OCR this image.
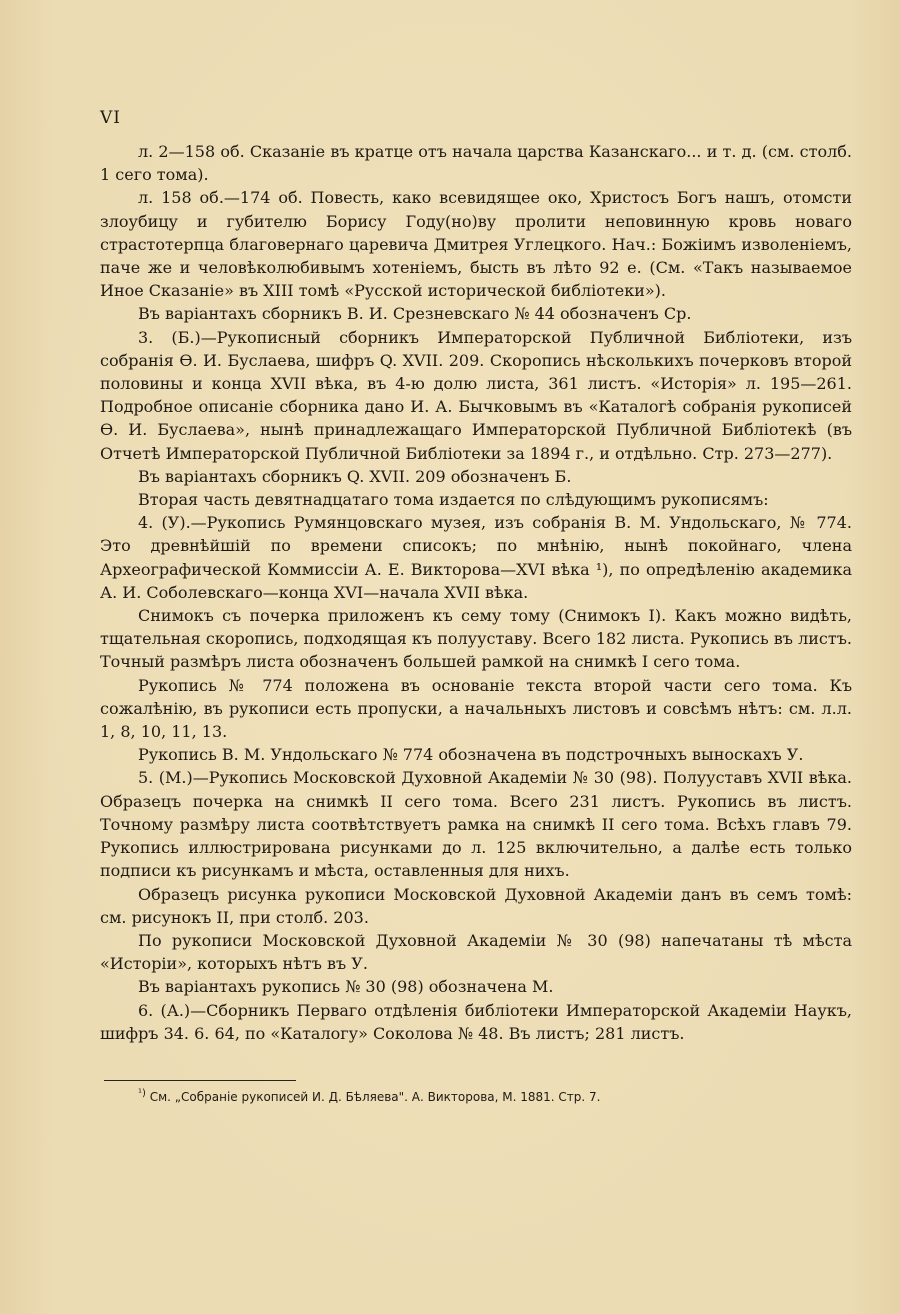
VI

л. 2—158 об. Сказаніе въ кратце отъ начала царства Казанскаго... и т. д. (см. столб. 1 сего тома).

л. 158 об.—174 об. Повесть, како всевидящее око, Христосъ Богъ нашъ, отомсти злоубицу и губителю Борису Году(но)ву пролити неповинную кровь новаго страстотерпца благовернаго царевича Дмитрея Углецкого. Нач.: Божіимъ изволеніемъ, паче же и человѣколюбивымъ хотеніемъ, бысть въ лѣто 92 е. (См. «Такъ называемое Иное Сказаніе» въ XIII томѣ «Русской исторической библіотеки»).

Въ варіантахъ сборникъ В. И. Срезневскаго № 44 обозначенъ Ср.

3. (Б.)—Рукописный сборникъ Императорской Публичной Библіотеки, изъ собранія Ѳ. И. Буслаева, шифръ Q. XVII. 209. Скоропись нѣсколькихъ почерковъ второй половины и конца XVII вѣка, въ 4-ю долю листа, 361 листъ. «Исторія» л. 195—261. Подробное описаніе сборника дано И. А. Бычковымъ въ «Каталогѣ собранія рукописей Ѳ. И. Буслаева», нынѣ принадлежащаго Императорской Публичной Библіотекѣ (въ Отчетѣ Императорской Публичной Библіотеки за 1894 г., и отдѣльно. Стр. 273—277).

Въ варіантахъ сборникъ Q. XVII. 209 обозначенъ Б.

Вторая часть девятнадцатаго тома издается по слѣдующимъ рукописямъ:

4. (У).—Рукопись Румянцовскаго музея, изъ собранія В. М. Ундольскаго, № 774. Это древнѣйшій по времени списокъ; по мнѣнію, нынѣ покойнаго, члена Археографической Коммиссіи А. Е. Викторова—XVI вѣка ¹), по опредѣленію академика А. И. Соболевскаго—конца XVI—начала XVII вѣка.

Снимокъ съ почерка приложенъ къ сему тому (Снимокъ I). Какъ можно видѣть, тщательная скоропись, подходящая къ полууставу. Всего 182 листа. Рукопись въ листъ. Точный размѣръ листа обозначенъ большей рамкой на снимкѣ I сего тома.

Рукопись № 774 положена въ основаніе текста второй части сего тома. Къ сожалѣнію, въ рукописи есть пропуски, а начальныхъ листовъ и совсѣмъ нѣтъ: см. л.л. 1, 8, 10, 11, 13.

Рукопись В. М. Ундольскаго № 774 обозначена въ подстрочныхъ выноскахъ У.

5. (М.)—Рукопись Московской Духовной Академіи № 30 (98). Полууставъ XVII вѣка. Образецъ почерка на снимкѣ II сего тома. Всего 231 листъ. Рукопись въ листъ. Точному размѣру листа соотвѣтствуетъ рамка на снимкѣ II сего тома. Всѣхъ главъ 79. Рукопись иллюстрирована рисунками до л. 125 включительно, а далѣе есть только подписи къ рисункамъ и мѣста, оставленныя для нихъ.

Образецъ рисунка рукописи Московской Духовной Академіи данъ въ семъ томѣ: см. рисунокъ II, при столб. 203.

По рукописи Московской Духовной Академіи № 30 (98) напечатаны тѣ мѣста «Исторіи», которыхъ нѣтъ въ У.

Въ варіантахъ рукопись № 30 (98) обозначена М.

6. (А.)—Сборникъ Перваго отдѣленія библіотеки Императорской Академіи Наукъ, шифръ 34. 6. 64, по «Каталогу» Соколова № 48. Въ листъ; 281 листъ.

$^{^1)}$ См. „Собраніе рукописей И. Д. Бѣляева". А. Викторова, М. 1881. Стр. 7.
